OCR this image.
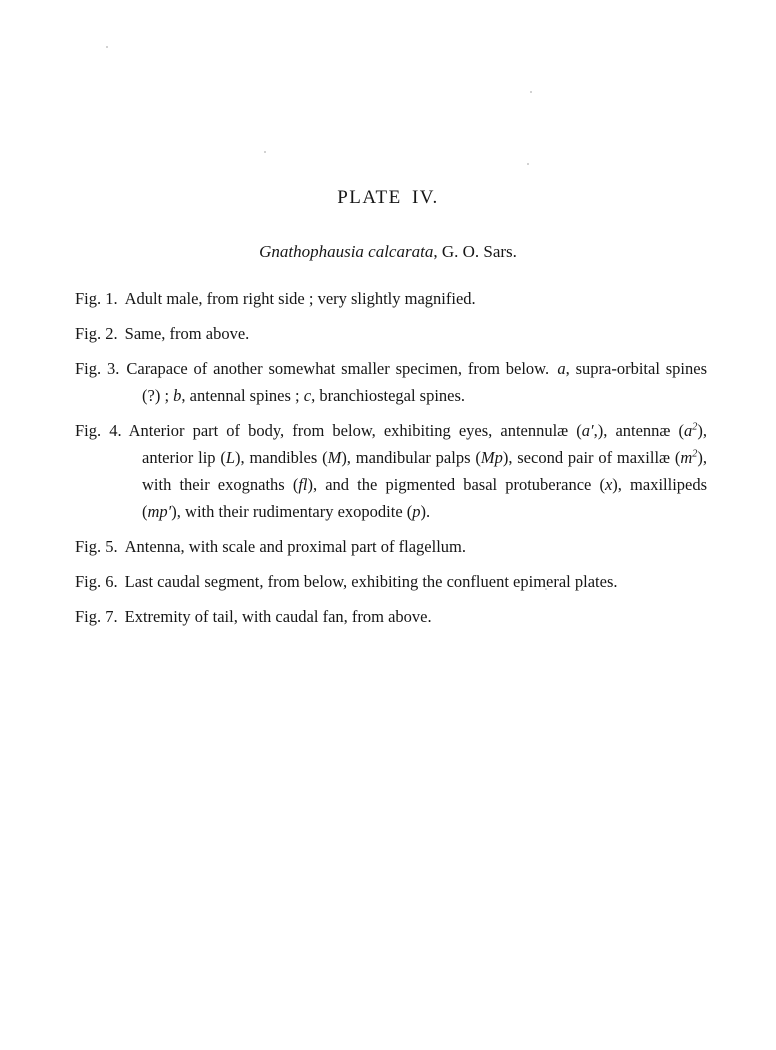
PLATE IV.
Gnathophausia calcarata, G. O. Sars.

Fig. 1. Adult male, from right side ; very slightly magnified.

Fig. 2. Same, from above.

Fig. 3. Carapace of another somewhat smaller specimen, from below. a, supra-orbital spines (?) ; b, antennal spines ; c, branchiostegal spines.

Fig. 4. Anterior part of body, from below, exhibiting eyes, antennulæ (a′,), antennæ $(a^2)$, anterior lip (L), mandibles (M), mandibular palps (Mp), second pair of maxillæ $(m^2)$, with their exognaths (fl), and the pigmented basal protuberance (x), maxillipeds (mp′), with their rudimentary exopodite (p).

Fig. 5. Antenna, with scale and proximal part of flagellum.

Fig. 6. Last caudal segment, from below, exhibiting the confluent epimeral plates.

Fig. 7. Extremity of tail, with caudal fan, from above.
